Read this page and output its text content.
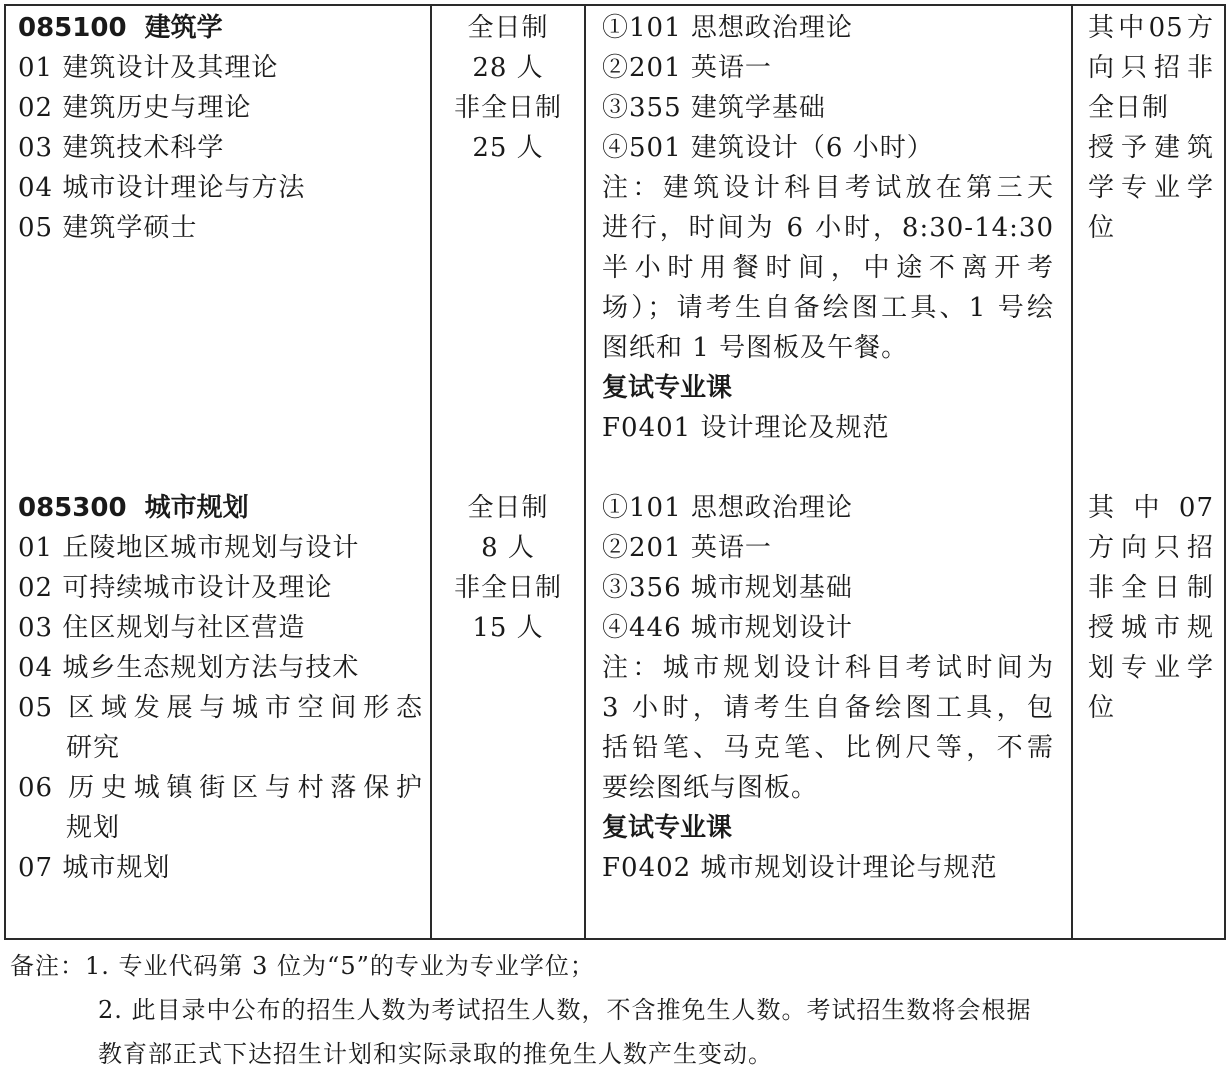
085100 建筑学
01 建筑设计及其理论
02 建筑历史与理论
03 建筑技术科学
04 城市设计理论与方法
05 建筑学硕士
全日制
28 人
非全日制
25 人
①101 思想政治理论
②201 英语一
③355 建筑学基础
④501 建筑设计（6 小时）
注：建筑设计科目考试放在第三天
进行，时间为 6 小时，8:30-14:30
半小时用餐时间，中途不离开考
场）；请考生自备绘图工具、1 号绘
图纸和 1 号图板及午餐。
复试专业课
F0401 设计理论及规范
其中05方
向只招非
全日制
授予建筑
学专业学
位
085300 城市规划
01 丘陵地区城市规划与设计
02 可持续城市设计及理论
03 住区规划与社区营造
04 城乡生态规划方法与技术
05 区域发展与城市空间形态
研究
06 历史城镇街区与村落保护
规划
07 城市规划
全日制
8 人
非全日制
15 人
①101 思想政治理论
②201 英语一
③356 城市规划基础
④446 城市规划设计
注：城市规划设计科目考试时间为
3 小时，请考生自备绘图工具，包
括铅笔、马克笔、比例尺等，不需
要绘图纸与图板。
复试专业课
F0402 城市规划设计理论与规范
其 中 07
方向只招
非全日制
授城市规
划专业学
位
备注：1. 专业代码第 3 位为“5”的专业为专业学位；
2. 此目录中公布的招生人数为考试招生人数，不含推免生人数。考试招生数将会根据
教育部正式下达招生计划和实际录取的推免生人数产生变动。
